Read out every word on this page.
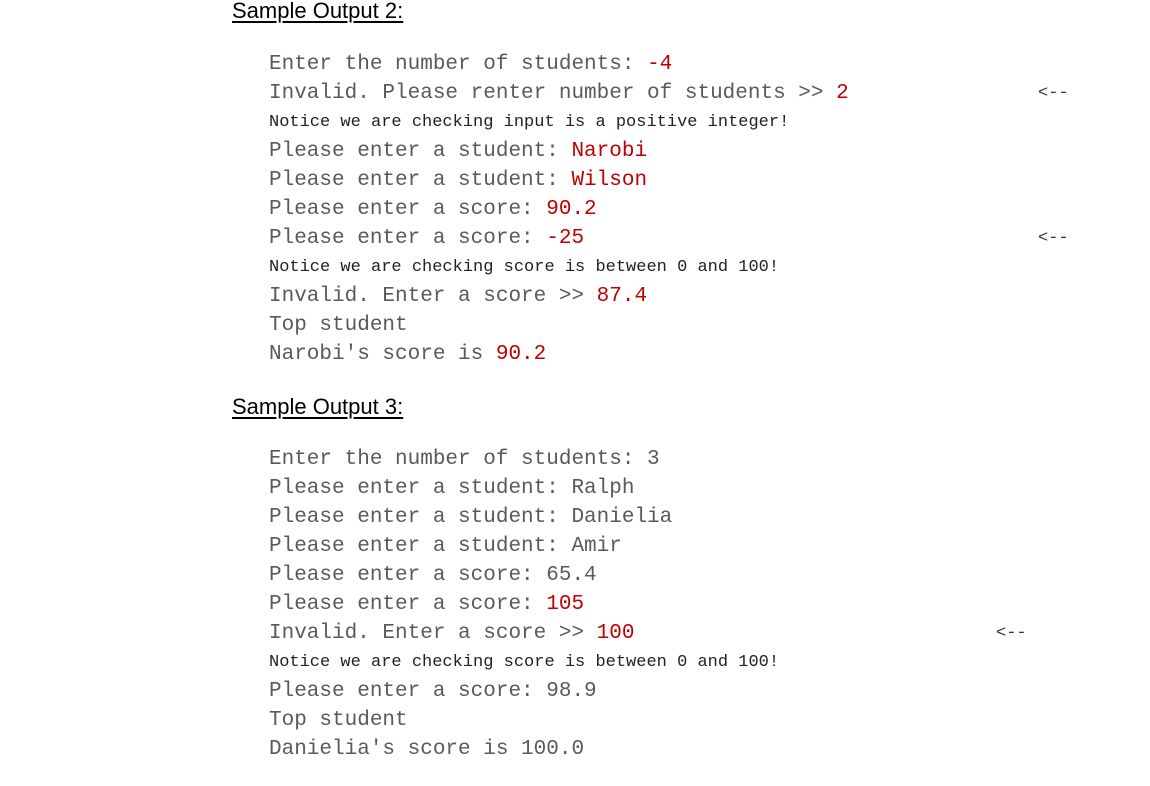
Sample Output 2:
Enter the number of students: -4
Invalid. Please renter number of students >> 2	<--
Notice we are checking input is a positive integer!
Please enter a student: Narobi
Please enter a student: Wilson
Please enter a score: 90.2
Please enter a score: -25	<--
Notice we are checking score is between 0 and 100!
Invalid. Enter a score >> 87.4
Top student
Narobi's score is 90.2
Sample Output 3:
Enter the number of students: 3
Please enter a student: Ralph
Please enter a student: Danielia
Please enter a student: Amir
Please enter a score: 65.4
Please enter a score: 105
Invalid. Enter a score >> 100	<--
Notice we are checking score is between 0 and 100!
Please enter a score: 98.9
Top student
Danielia's score is 100.0
